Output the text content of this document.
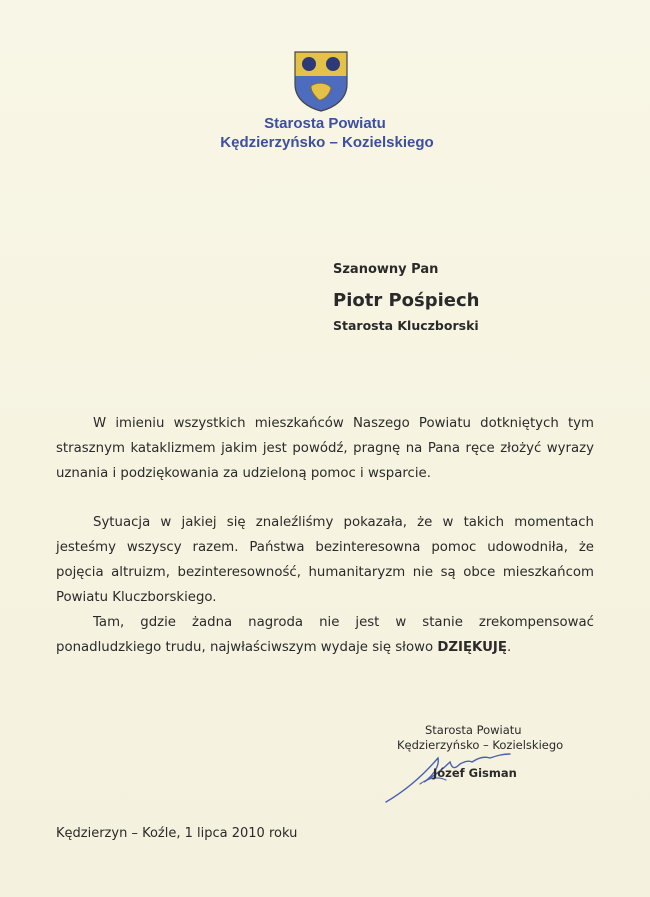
Starosta Powiatu
Kędzierzyńsko – Kozielskiego
Szanowny Pan
Piotr Pośpiech
Starosta Kluczborski

W imieniu wszystkich mieszkańców Naszego Powiatu dotkniętych tym strasznym kataklizmem jakim jest powódź, pragnę na Pana ręce złożyć wyrazy uznania i podziękowania za udzieloną pomoc i wsparcie.

Sytuacja w jakiej się znaleźliśmy pokazała, że w takich momentach jesteśmy wszyscy razem. Państwa bezinteresowna pomoc udowodniła, że pojęcia altruizm, bezinteresowność, humanitaryzm nie są obce mieszkańcom Powiatu Kluczborskiego.

Tam, gdzie żadna nagroda nie jest w stanie zrekompensować ponadludzkiego trudu, najwłaściwszym wydaje się słowo DZIĘKUJĘ.

Starosta Powiatu
Kędzierzyńsko – Kozielskiego
Józef Gisman
Kędzierzyn – Koźle, 1 lipca 2010 roku
